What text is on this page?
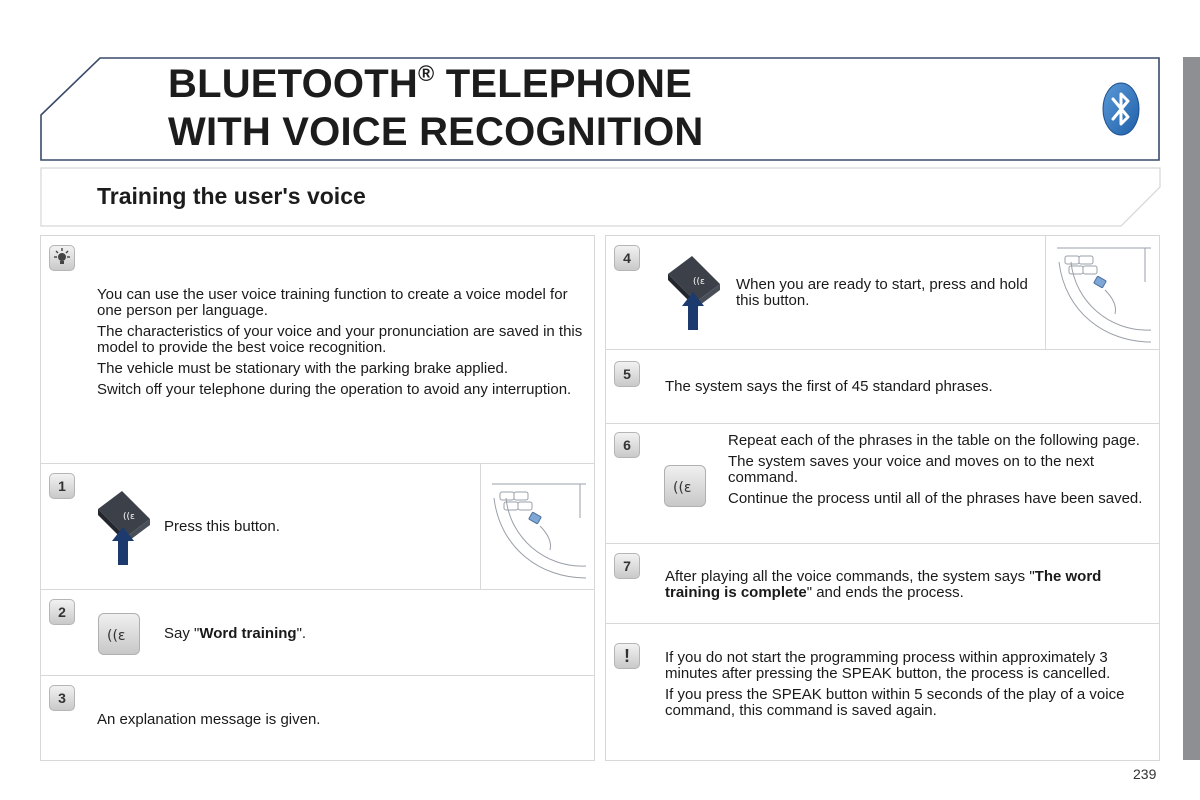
BLUETOOTH® TELEPHONE
WITH VOICE RECOGNITION
Training the user's voice

You can use the user voice training function to create a voice model for one person per language.

The characteristics of your voice and your pronunciation are saved in this model to provide the best voice recognition.

The vehicle must be stationary with the parking brake applied.

Switch off your telephone during the operation to avoid any interruption.

1
((ε
Press this button.
2
((ε	Say "Word training".
3
An explanation message is given.
4
((ε When you are ready to start, press and hold this button.
5
The system says the first of 45 standard phrases.
6
((ε

Repeat each of the phrases in the table on the following page.

The system saves your voice and moves on to the next command.

Continue the process until all of the phrases have been saved.

7
After playing all the voice commands, the system says "The word training is complete" and ends the process.
!	If you do not start the programming process within approximately 3 minutes after pressing the SPEAK button, the process is cancelled.

If you press the SPEAK button within 5 seconds of the play of a voice command, this command is saved again.

239
